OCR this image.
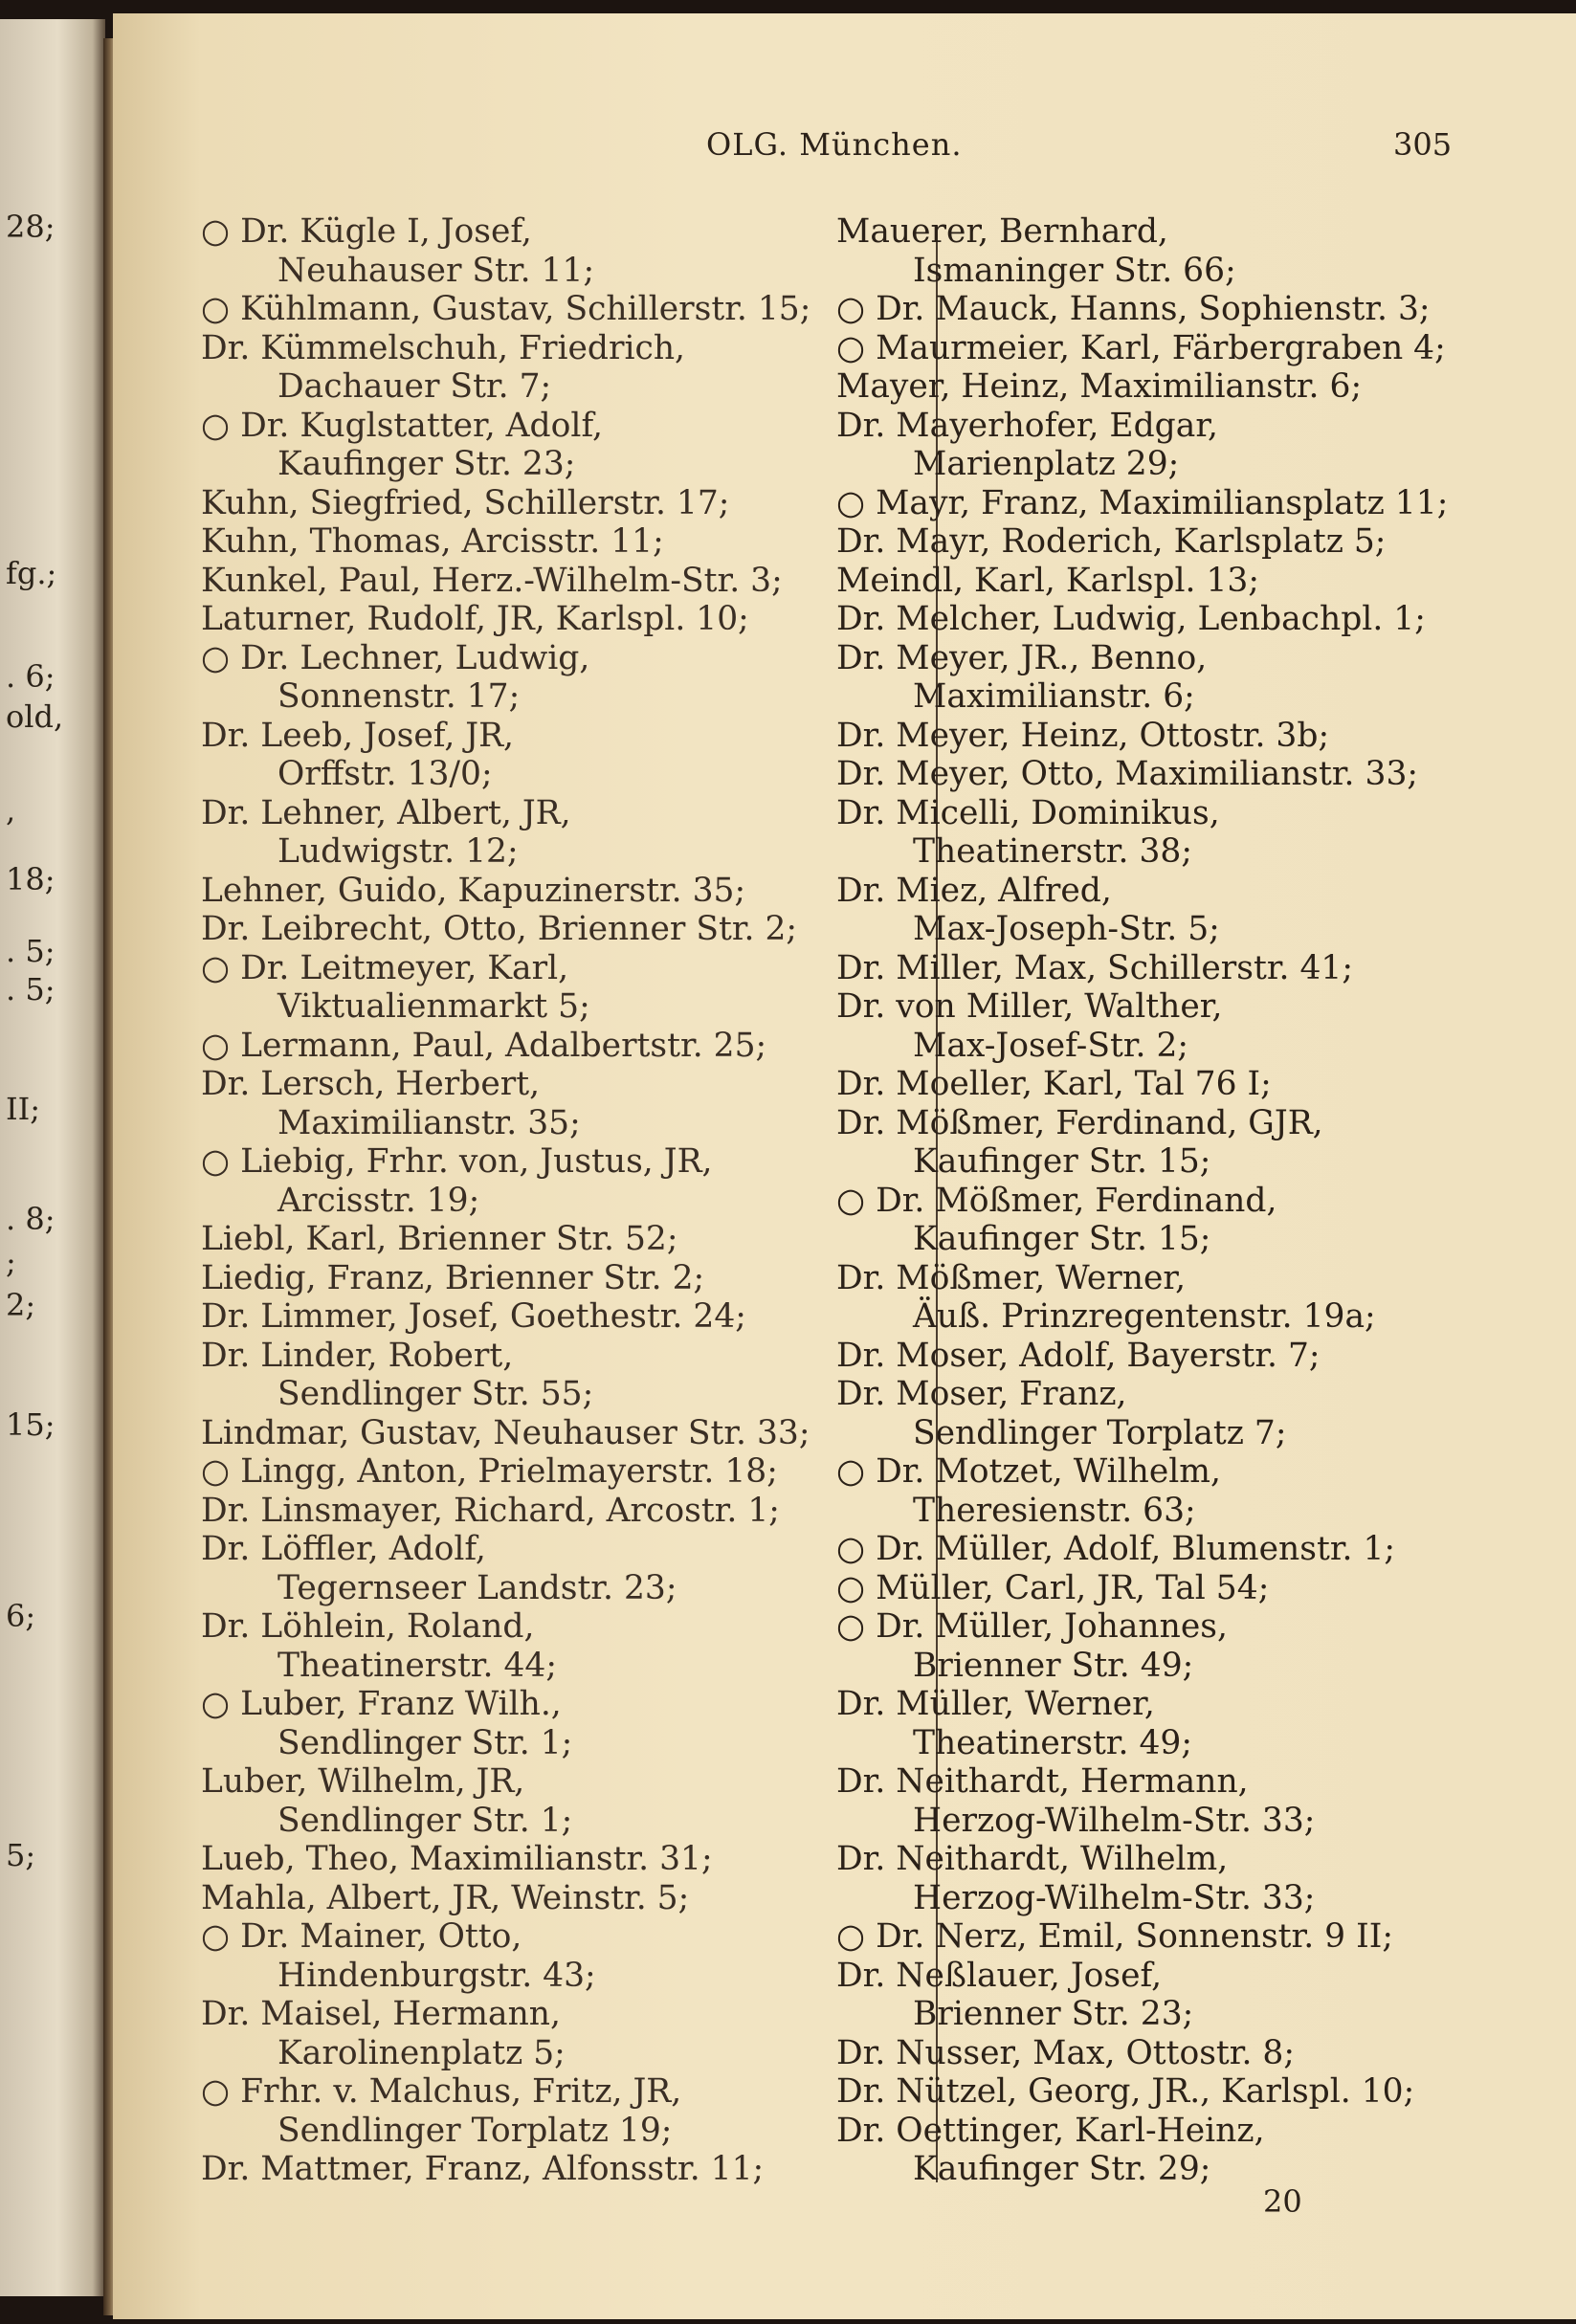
28;
fg.;
. 6;
old,
,
18;
. 5;
. 5;
II;
. 8;
;
2;
15;
6;
5;
OLG. München.	305
○ Dr. Kügle I, Josef,
Neuhauser Str. 11;
○ Kühlmann, Gustav, Schillerstr. 15;
Dr. Kümmelschuh, Friedrich,
Dachauer Str. 7;
○ Dr. Kuglstatter, Adolf,
Kaufinger Str. 23;
Kuhn, Siegfried, Schillerstr. 17;
Kuhn, Thomas, Arcisstr. 11;
Kunkel, Paul, Herz.-Wilhelm-Str. 3;
Laturner, Rudolf, JR, Karlspl. 10;
○ Dr. Lechner, Ludwig,
Sonnenstr. 17;
Dr. Leeb, Josef, JR,
Orffstr. 13/0;
Dr. Lehner, Albert, JR,
Ludwigstr. 12;
Lehner, Guido, Kapuzinerstr. 35;
Dr. Leibrecht, Otto, Brienner Str. 2;
○ Dr. Leitmeyer, Karl,
Viktualienmarkt 5;
○ Lermann, Paul, Adalbertstr. 25;
Dr. Lersch, Herbert,
Maximilianstr. 35;
○ Liebig, Frhr. von, Justus, JR,
Arcisstr. 19;
Liebl, Karl, Brienner Str. 52;
Liedig, Franz, Brienner Str. 2;
Dr. Limmer, Josef, Goethestr. 24;
Dr. Linder, Robert,
Sendlinger Str. 55;
Lindmar, Gustav, Neuhauser Str. 33;
○ Lingg, Anton, Prielmayerstr. 18;
Dr. Linsmayer, Richard, Arcostr. 1;
Dr. Löffler, Adolf,
Tegernseer Landstr. 23;
Dr. Löhlein, Roland,
Theatinerstr. 44;
○ Luber, Franz Wilh.,
Sendlinger Str. 1;
Luber, Wilhelm, JR,
Sendlinger Str. 1;
Lueb, Theo, Maximilianstr. 31;
Mahla, Albert, JR, Weinstr. 5;
○ Dr. Mainer, Otto,
Hindenburgstr. 43;
Dr. Maisel, Hermann,
Karolinenplatz 5;
○ Frhr. v. Malchus, Fritz, JR,
Sendlinger Torplatz 19;
Dr. Mattmer, Franz, Alfonsstr. 11;
Mauerer, Bernhard,
Ismaninger Str. 66;
○ Dr. Mauck, Hanns, Sophienstr. 3;
○ Maurmeier, Karl, Färbergraben 4;
Mayer, Heinz, Maximilianstr. 6;
Dr. Mayerhofer, Edgar,
Marienplatz 29;
○ Mayr, Franz, Maximiliansplatz 11;
Dr. Mayr, Roderich, Karlsplatz 5;
Meindl, Karl, Karlspl. 13;
Dr. Melcher, Ludwig, Lenbachpl. 1;
Dr. Meyer, JR., Benno,
Maximilianstr. 6;
Dr. Meyer, Heinz, Ottostr. 3b;
Dr. Meyer, Otto, Maximilianstr. 33;
Dr. Micelli, Dominikus,
Theatinerstr. 38;
Dr. Miez, Alfred,
Max-Joseph-Str. 5;
Dr. Miller, Max, Schillerstr. 41;
Dr. von Miller, Walther,
Max-Josef-Str. 2;
Dr. Moeller, Karl, Tal 76 I;
Dr. Mößmer, Ferdinand, GJR,
Kaufinger Str. 15;
○ Dr. Mößmer, Ferdinand,
Kaufinger Str. 15;
Dr. Mößmer, Werner,
Äuß. Prinzregentenstr. 19a;
Dr. Moser, Adolf, Bayerstr. 7;
Dr. Moser, Franz,
Sendlinger Torplatz 7;
○ Dr. Motzet, Wilhelm,
Theresienstr. 63;
○ Dr. Müller, Adolf, Blumenstr. 1;
○ Müller, Carl, JR, Tal 54;
○ Dr. Müller, Johannes,
Brienner Str. 49;
Dr. Müller, Werner,
Theatinerstr. 49;
Dr. Neithardt, Hermann,
Herzog-Wilhelm-Str. 33;
Dr. Neithardt, Wilhelm,
Herzog-Wilhelm-Str. 33;
○ Dr. Nerz, Emil, Sonnenstr. 9 II;
Dr. Neßlauer, Josef,
Brienner Str. 23;
Dr. Nusser, Max, Ottostr. 8;
Dr. Nützel, Georg, JR., Karlspl. 10;
Dr. Oettinger, Karl-Heinz,
Kaufinger Str. 29;
20
